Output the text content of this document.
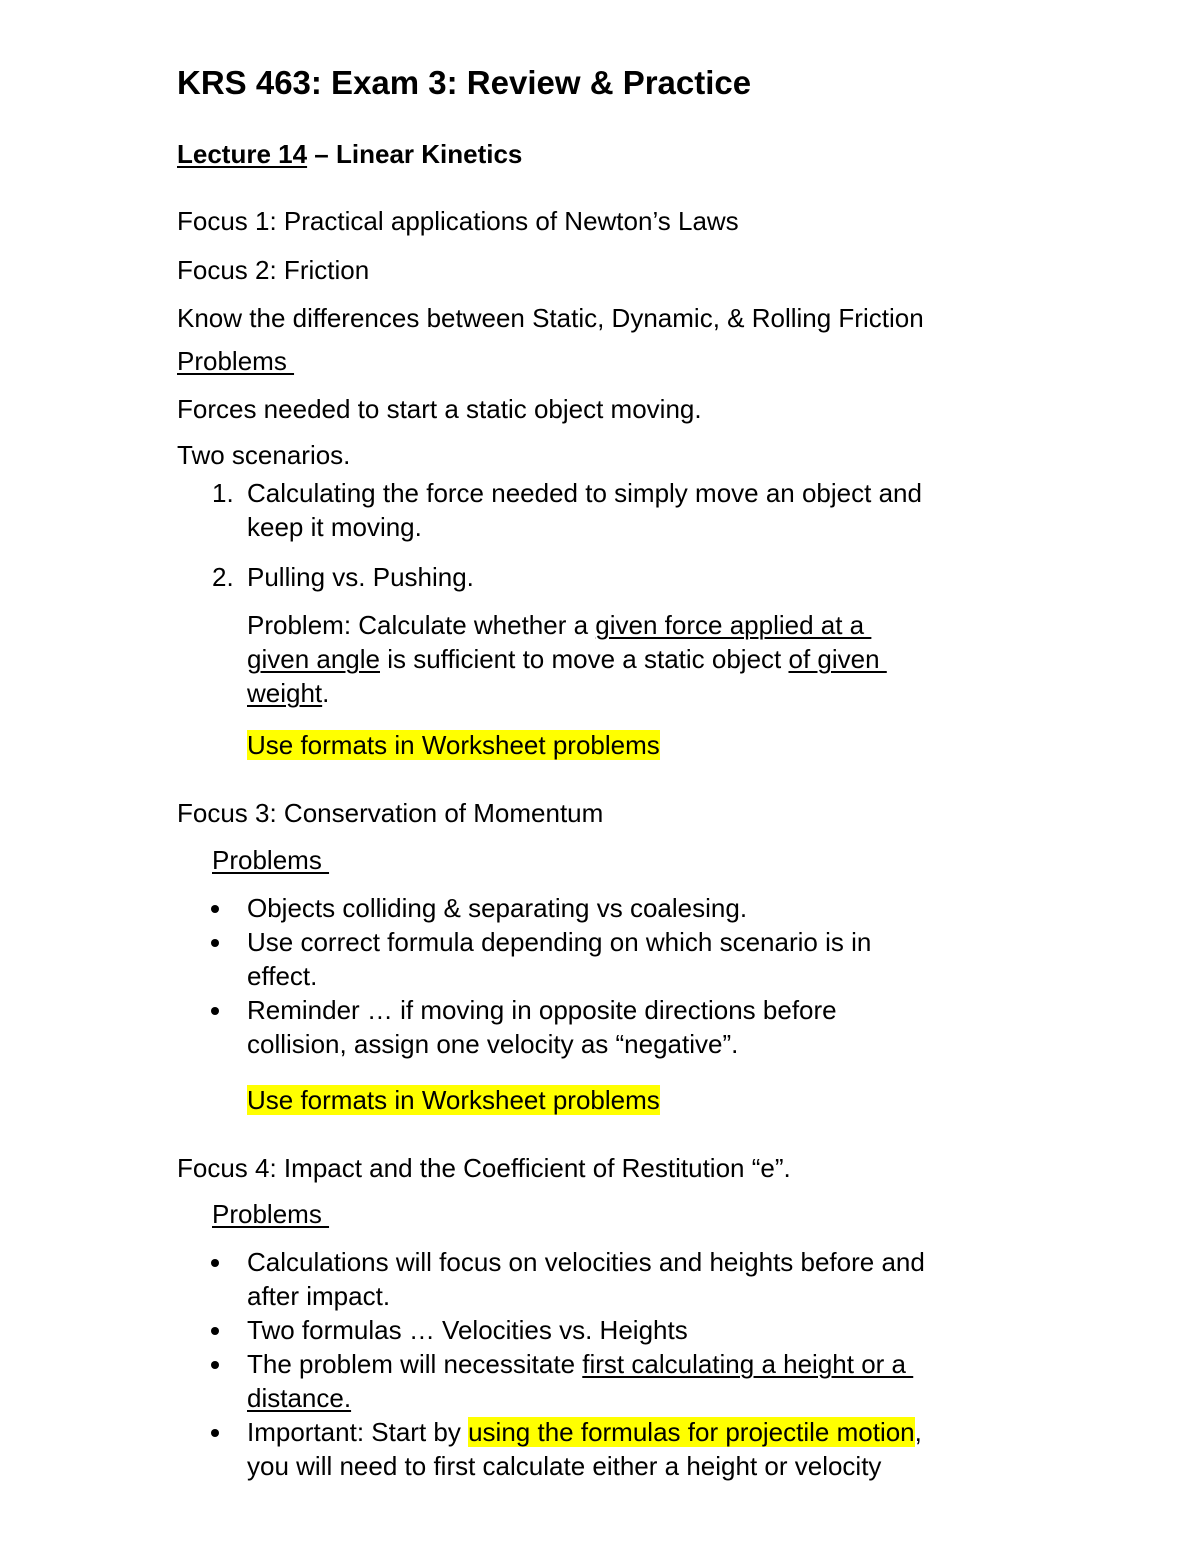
KRS 463: Exam 3: Review & Practice
Lecture 14 – Linear Kinetics
Focus 1: Practical applications of Newton’s Laws
Focus 2: Friction
Know the differences between Static, Dynamic, & Rolling Friction
Problems
Forces needed to start a static object moving.
Two scenarios.
1. Calculating the force needed to simply move an object and
keep it moving.
2. Pulling vs. Pushing.
Problem: Calculate whether a given force applied at a
given angle is sufficient to move a static object of given
weight.
Use formats in Worksheet problems
Focus 3: Conservation of Momentum
Problems
Objects colliding & separating vs coalesing.
Use correct formula depending on which scenario is in
effect.
Reminder … if moving in opposite directions before
collision, assign one velocity as “negative”.
Use formats in Worksheet problems
Focus 4: Impact and the Coefficient of Restitution “e”.
Problems
Calculations will focus on velocities and heights before and
after impact.
Two formulas … Velocities vs. Heights
The problem will necessitate first calculating a height or a
distance.
Important: Start by using the formulas for projectile motion,
you will need to first calculate either a height or velocity
